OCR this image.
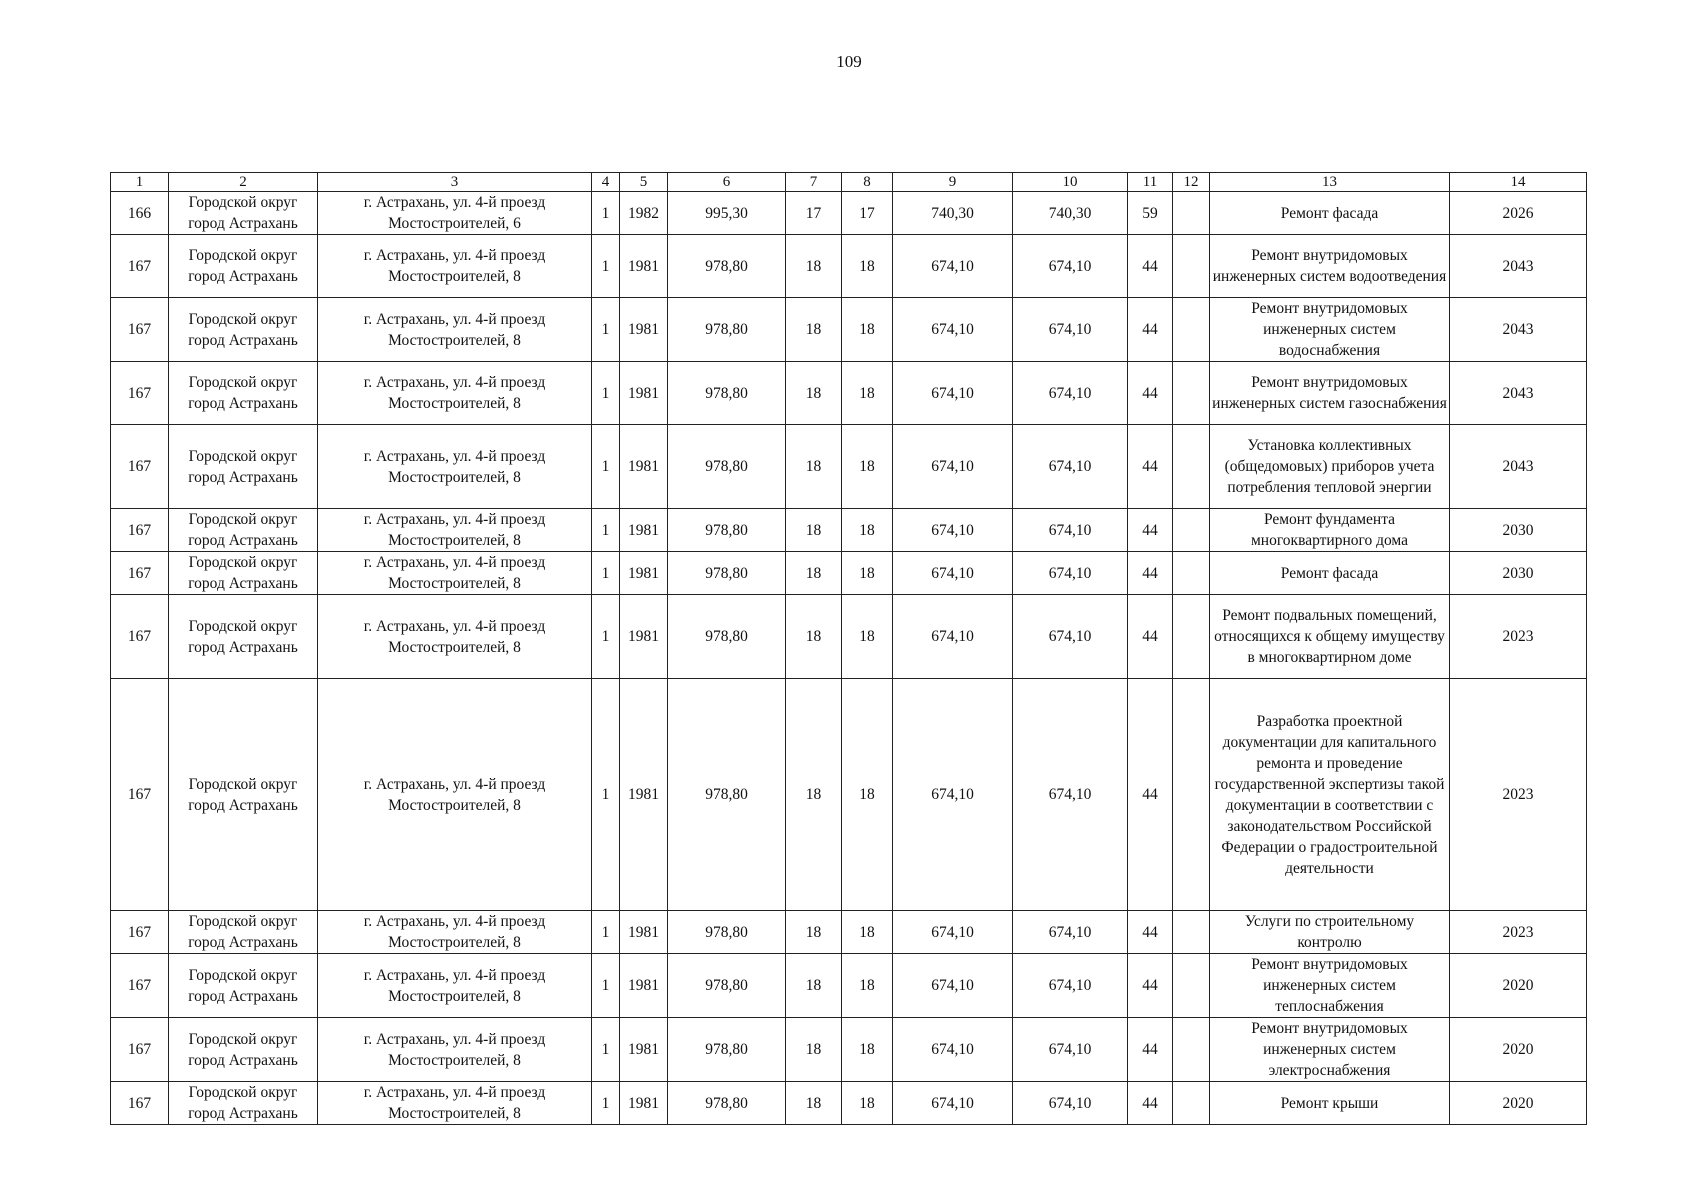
109
1	2	3	4	5	6	7	8	9	10	11	12	13	14
166	Городской округ город Астрахань	г. Астрахань, ул. 4-й проезд Мостостроителей, 6	1	1982	995,30	17	17	740,30	740,30	59		Ремонт фасада	2026
167	Городской округ город Астрахань	г. Астрахань, ул. 4-й проезд Мостостроителей, 8	1	1981	978,80	18	18	674,10	674,10	44		Ремонт внутридомовых инженерных систем водоотведения	2043
167	Городской округ город Астрахань	г. Астрахань, ул. 4-й проезд Мостостроителей, 8	1	1981	978,80	18	18	674,10	674,10	44		Ремонт внутридомовых инженерных систем водоснабжения	2043
167	Городской округ город Астрахань	г. Астрахань, ул. 4-й проезд Мостостроителей, 8	1	1981	978,80	18	18	674,10	674,10	44		Ремонт внутридомовых инженерных систем газоснабжения	2043
167	Городской округ город Астрахань	г. Астрахань, ул. 4-й проезд Мостостроителей, 8	1	1981	978,80	18	18	674,10	674,10	44		Установка коллективных (общедомовых) приборов учета потребления тепловой энергии	2043
167	Городской округ город Астрахань	г. Астрахань, ул. 4-й проезд Мостостроителей, 8	1	1981	978,80	18	18	674,10	674,10	44		Ремонт фундамента многоквартирного дома	2030
167	Городской округ город Астрахань	г. Астрахань, ул. 4-й проезд Мостостроителей, 8	1	1981	978,80	18	18	674,10	674,10	44		Ремонт фасада	2030
167	Городской округ город Астрахань	г. Астрахань, ул. 4-й проезд Мостостроителей, 8	1	1981	978,80	18	18	674,10	674,10	44		Ремонт подвальных помещений, относящихся к общему имуществу в многоквартирном доме	2023
167	Городской округ город Астрахань	г. Астрахань, ул. 4-й проезд Мостостроителей, 8	1	1981	978,80	18	18	674,10	674,10	44		Разработка проектной документации для капитального ремонта и проведение государственной экспертизы такой документации в соответствии с законодательством Российской Федерации о градостроительной деятельности	2023
167	Городской округ город Астрахань	г. Астрахань, ул. 4-й проезд Мостостроителей, 8	1	1981	978,80	18	18	674,10	674,10	44		Услуги по строительному контролю	2023
167	Городской округ город Астрахань	г. Астрахань, ул. 4-й проезд Мостостроителей, 8	1	1981	978,80	18	18	674,10	674,10	44		Ремонт внутридомовых инженерных систем теплоснабжения	2020
167	Городской округ город Астрахань	г. Астрахань, ул. 4-й проезд Мостостроителей, 8	1	1981	978,80	18	18	674,10	674,10	44		Ремонт внутридомовых инженерных систем электроснабжения	2020
167	Городской округ город Астрахань	г. Астрахань, ул. 4-й проезд Мостостроителей, 8	1	1981	978,80	18	18	674,10	674,10	44		Ремонт крыши	2020
